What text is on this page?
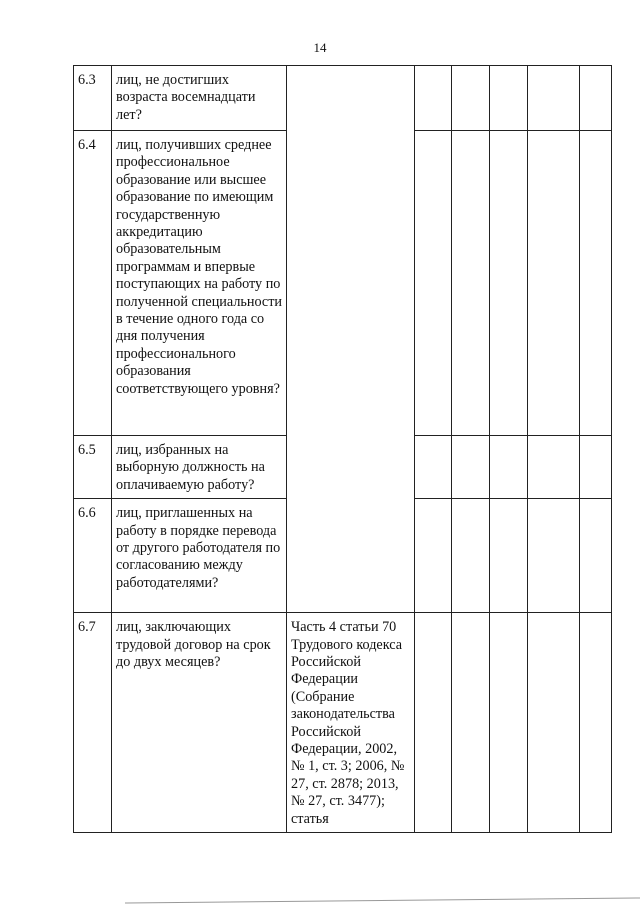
14
6.3	лиц, не достигших возраста восемнадцати лет?						
6.4	лиц, получивших среднее профессиональное образование или высшее образование по имеющим государственную аккредитацию образовательным программам и впервые поступающих на работу по полученной специальности в течение одного года со дня получения профессионального образования соответствующего уровня?						
6.5	лиц, избранных на выборную должность на оплачиваемую работу?						
6.6	лиц, приглашенных на работу в порядке перевода от другого работодателя по согласованию между работодателями?						
6.7	лиц, заключающих трудовой договор на срок до двух месяцев?	Часть 4 статьи 70 Трудового кодекса Российской Федерации (Собрание законодательства Российской Федерации, 2002, № 1, ст. 3; 2006, № 27, ст. 2878; 2013, № 27, ст. 3477); статья					
